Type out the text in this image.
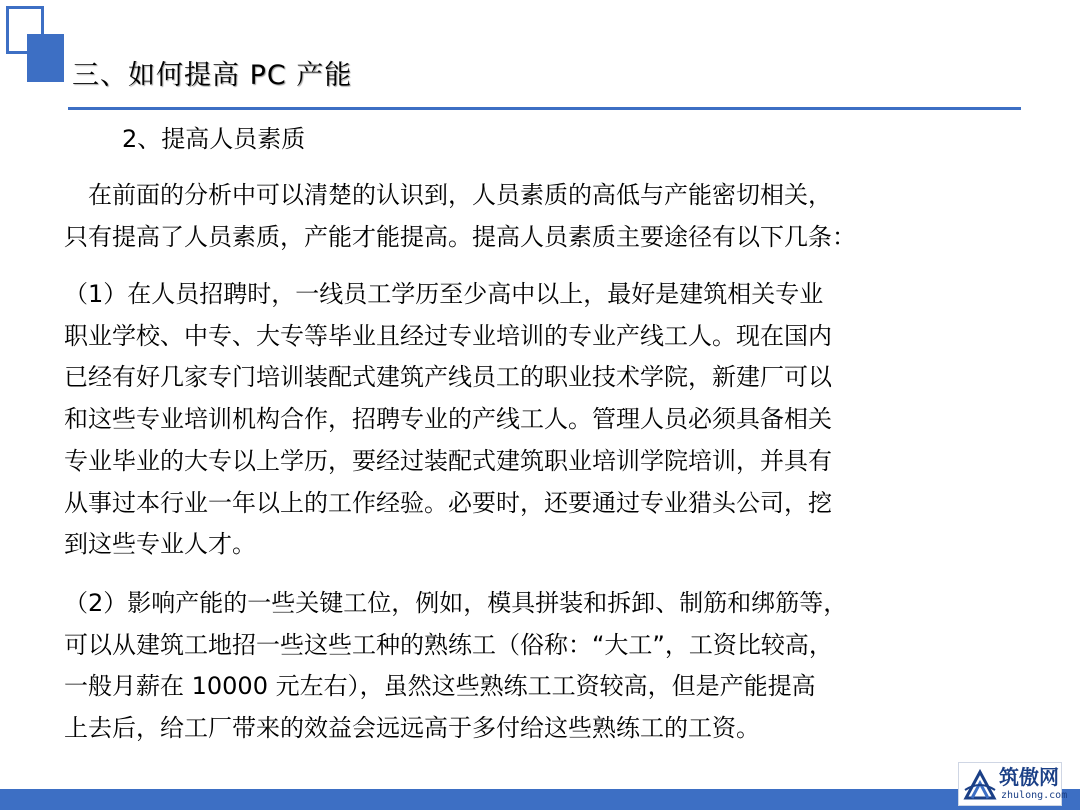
三、如何提高 PC 产能
2、提高人员素质
　在前面的分析中可以清楚的认识到，人员素质的高低与产能密切相关，
只有提高了人员素质，产能才能提高。提高人员素质主要途径有以下几条：
（1）在人员招聘时，一线员工学历至少高中以上，最好是建筑相关专业
职业学校、中专、大专等毕业且经过专业培训的专业产线工人。现在国内
已经有好几家专门培训装配式建筑产线员工的职业技术学院，新建厂可以
和这些专业培训机构合作，招聘专业的产线工人。管理人员必须具备相关
专业毕业的大专以上学历，要经过装配式建筑职业培训学院培训，并具有
从事过本行业一年以上的工作经验。必要时，还要通过专业猎头公司，挖
到这些专业人才。
（2）影响产能的一些关键工位，例如，模具拼装和拆卸、制筋和绑筋等，
可以从建筑工地招一些这些工种的熟练工（俗称：“大工”，工资比较高，
一般月薪在 10000 元左右），虽然这些熟练工工资较高，但是产能提高
上去后，给工厂带来的效益会远远高于多付给这些熟练工的工资。
筑傲网
zhulong.com
